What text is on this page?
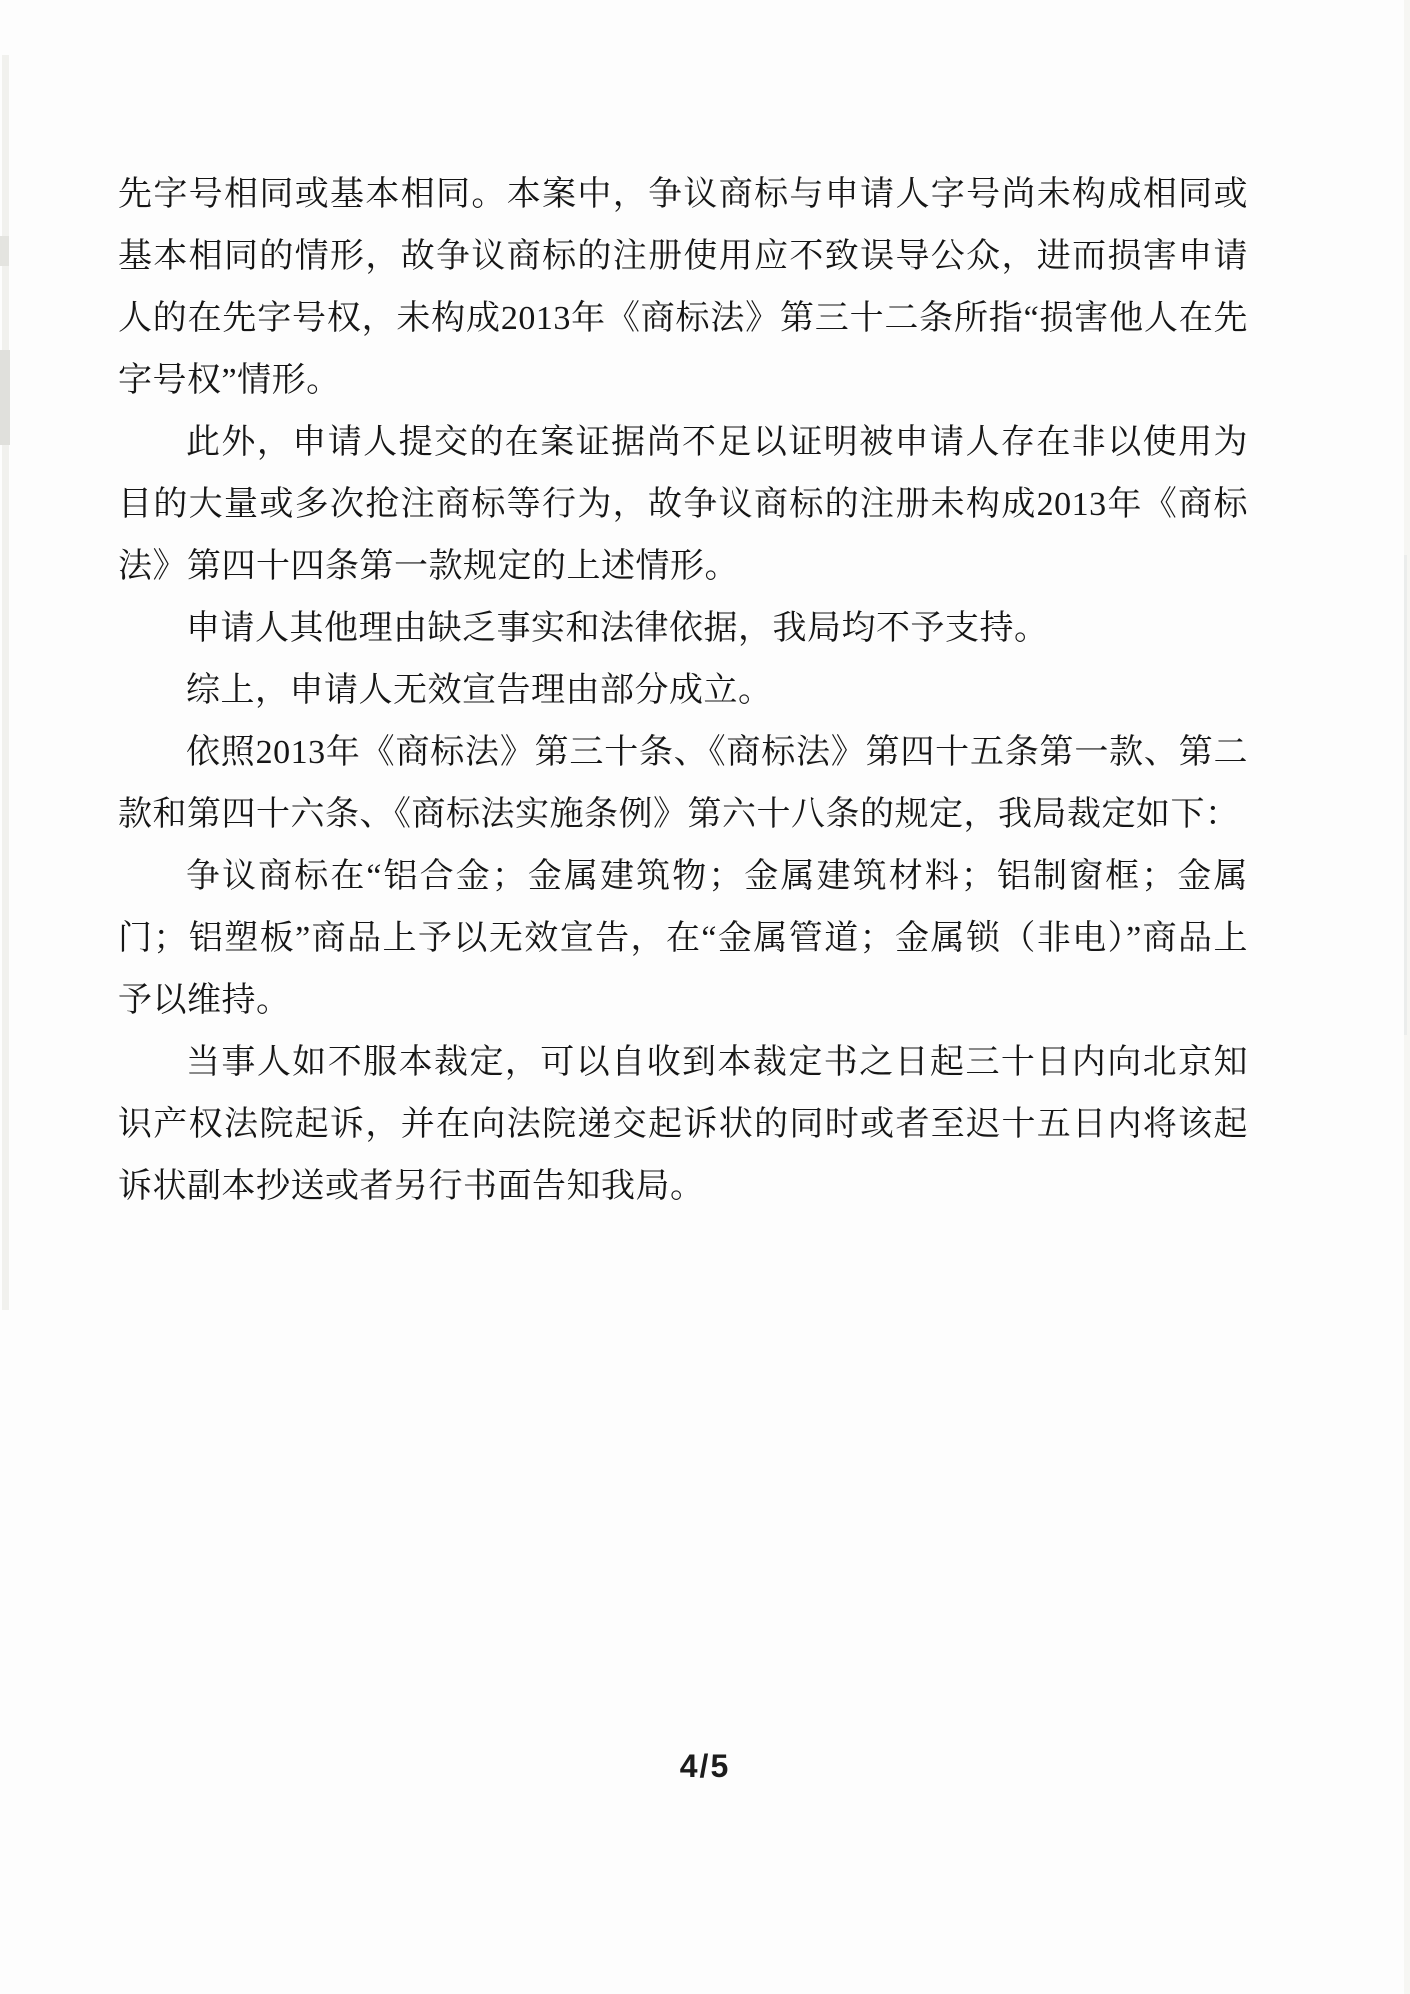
先字号相同或基本相同。本案中，争议商标与申请人字号尚未构成相同或基本相同的情形，故争议商标的注册使用应不致误导公众，进而损害申请人的在先字号权，未构成2013年《商标法》第三十二条所指“损害他人在先字号权”情形。

此外，申请人提交的在案证据尚不足以证明被申请人存在非以使用为目的大量或多次抢注商标等行为，故争议商标的注册未构成2013年《商标法》第四十四条第一款规定的上述情形。

申请人其他理由缺乏事实和法律依据，我局均不予支持。

综上，申请人无效宣告理由部分成立。

依照2013年《商标法》第三十条、《商标法》第四十五条第一款、第二款和第四十六条、《商标法实施条例》第六十八条的规定，我局裁定如下：

争议商标在“铝合金；金属建筑物；金属建筑材料；铝制窗框；金属门；铝塑板”商品上予以无效宣告，在“金属管道；金属锁（非电）”商品上予以维持。

当事人如不服本裁定，可以自收到本裁定书之日起三十日内向北京知识产权法院起诉，并在向法院递交起诉状的同时或者至迟十五日内将该起诉状副本抄送或者另行书面告知我局。

4/5
